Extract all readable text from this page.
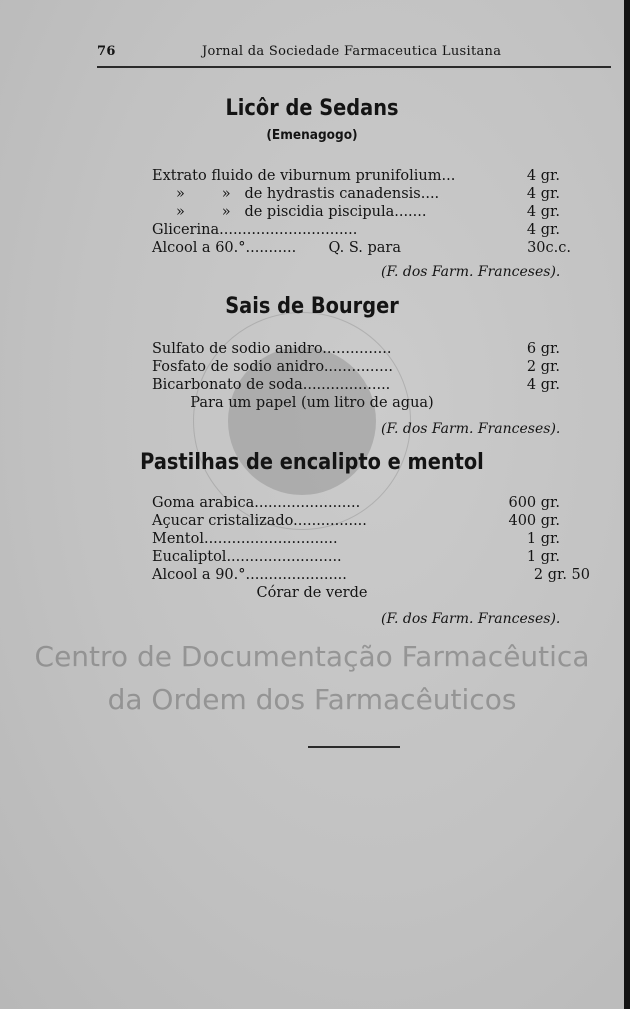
76	Jornal da Sociedade Farmaceutica Lusitana
Licôr de Sedans
(Emenagogo)
Extrato fluido de viburnum prunifolium...	4 gr.
»        »   de hydrastis canadensis....	4 gr.
»        »   de piscidia piscipula.......	4 gr.
Glicerina..............................	4 gr.
Alcool a 60.°...........       Q. S. para	30c.c.
(F. dos Farm. Franceses).
Sais de Bourger
Sulfato de sodio anidro...............	6 gr.
Fosfato de sodio anidro...............	2 gr.
Bicarbonato de soda...................	4 gr.
Para um papel (um litro de agua)
(F. dos Farm. Franceses).
Pastilhas de encalipto e mentol
Goma arabica.......................	600 gr.
Açucar cristalizado................	400 gr.
Mentol.............................	1 gr.
Eucaliptol.........................	1 gr.
Alcool a 90.°......................	2 gr. 50
Córar de verde
(F. dos Farm. Franceses).
Centro de Documentação Farmacêutica
da Ordem dos Farmacêuticos
